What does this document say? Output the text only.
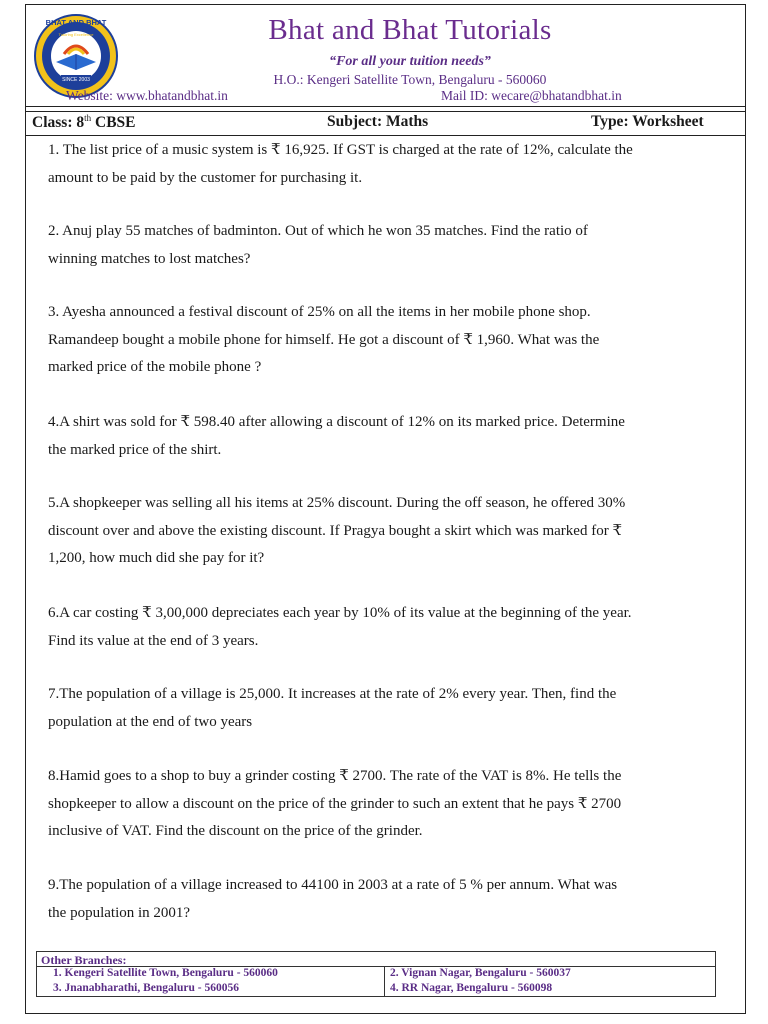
BHAT AND BHAT
Tutoring Excellence
SINCE 2003
Bhat and Bhat Tutorials
“For all your tuition needs”
H.O.: Kengeri Satellite Town, Bengaluru - 560060
Website: www.bhatandbhat.in	Mail ID: wecare@bhatandbhat.in
Class: 8th CBSE	Subject: Maths	Type: Worksheet
1. The list price of a music system is ₹ 16,925. If GST is charged at the rate of 12%, calculate the
amount to be paid by the customer for purchasing it.
2. Anuj play 55 matches of badminton. Out of which he won 35 matches. Find the ratio of
winning matches to lost matches?
3. Ayesha announced a festival discount of 25% on all the items in her mobile phone shop.
Ramandeep bought a mobile phone for himself. He got a discount of ₹ 1,960. What was the
marked price of the mobile phone ?
4.A shirt was sold for ₹ 598.40 after allowing a discount of 12% on its marked price. Determine
the marked price of the shirt.
5.A shopkeeper was selling all his items at 25% discount. During the off season, he offered 30%
discount over and above the existing discount. If Pragya bought a skirt which was marked for ₹
1,200, how much did she pay for it?
6.A car costing ₹ 3,00,000 depreciates each year by 10% of its value at the beginning of the year.
Find its value at the end of 3 years.
7.The population of a village is 25,000. It increases at the rate of 2% every year. Then, find the
population at the end of two years
8.Hamid goes to a shop to buy a grinder costing ₹ 2700. The rate of the VAT is 8%. He tells the
shopkeeper to allow a discount on the price of the grinder to such an extent that he pays ₹ 2700
inclusive of VAT. Find the discount on the price of the grinder.
9.The population of a village increased to 44100 in 2003 at a rate of 5 % per annum. What was
the population in 2001?
Other Branches:
1. Kengeri Satellite Town, Bengaluru - 560060	2. Vignan Nagar, Bengaluru - 560037
3. Jnanabharathi, Bengaluru - 560056	4. RR Nagar, Bengaluru - 560098
